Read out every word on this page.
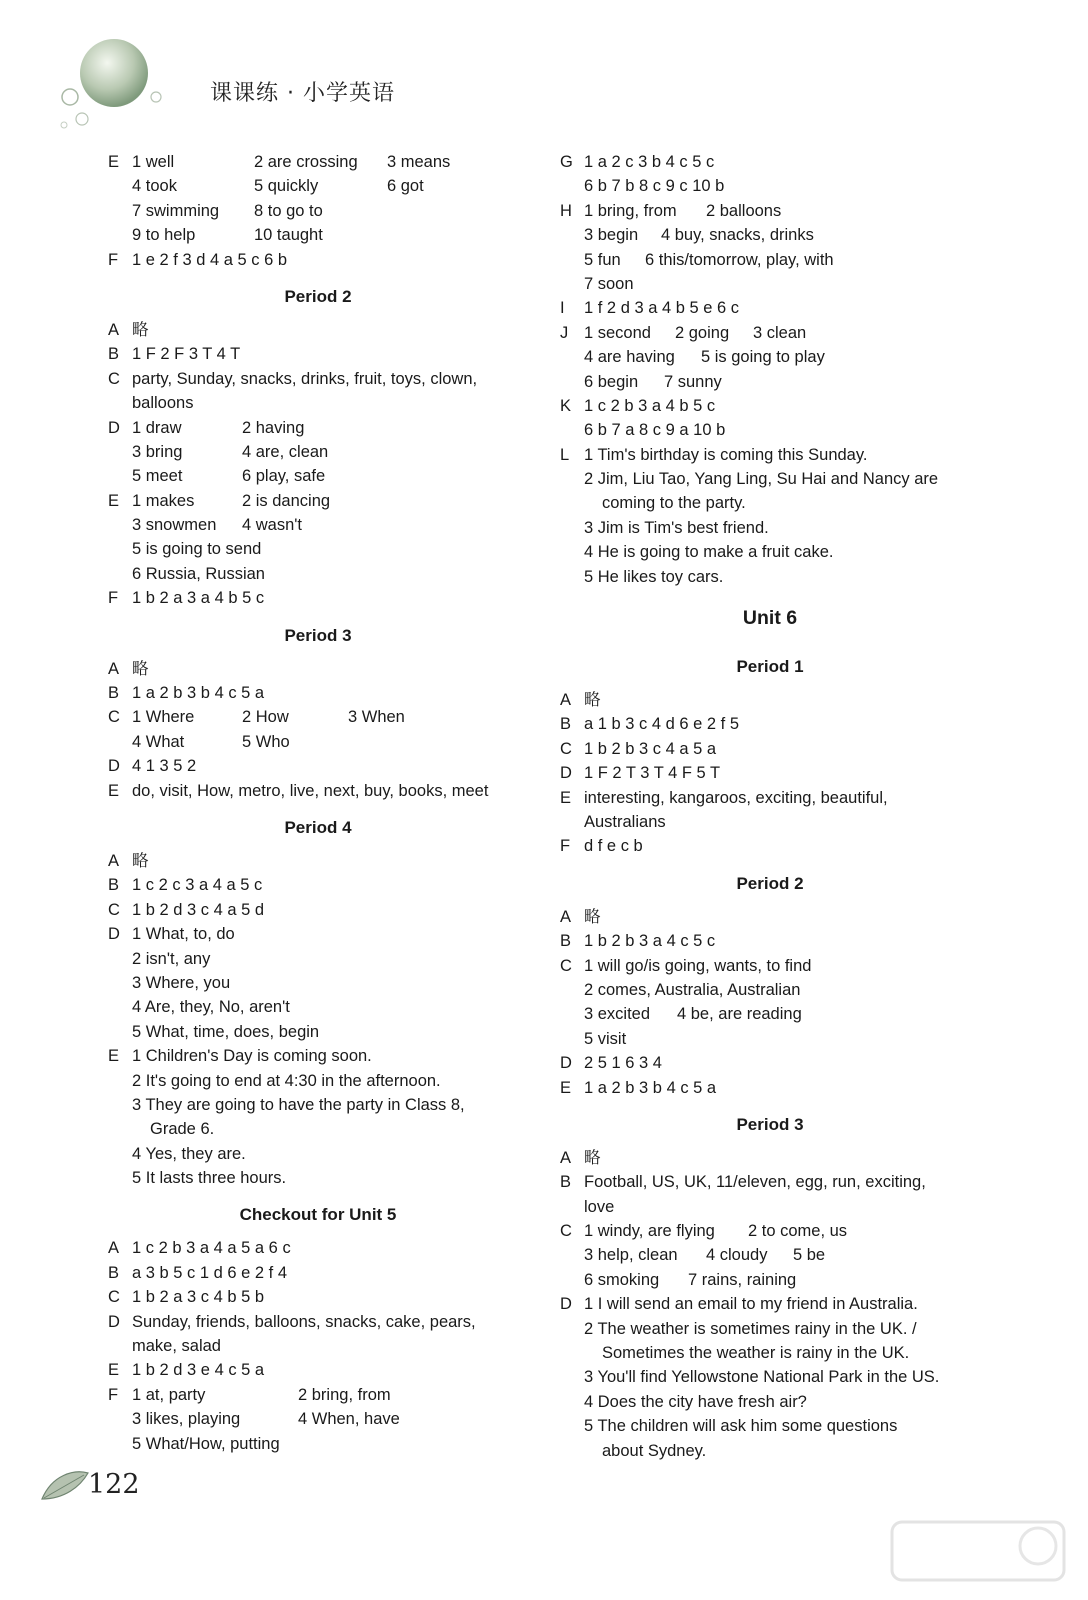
课课练 · 小学英语
E 1 well	2 are crossing 3 means
4 took	5 quickly	6 got
7 swimming 8 to go to
9 to help	10 taught
F 1 e 2 f 3 d 4 a 5 c 6 b
Period 2
A 略
B 1 F 2 F 3 T 4 T
C party, Sunday, snacks, drinks, fruit, toys, clown,
balloons
D 1 draw	2 having
3 bring	4 are, clean
5 meet	6 play, safe
E 1 makes	2 is dancing
3 snowmen 4 wasn't
5 is going to send
6 Russia, Russian
F 1 b 2 a 3 a 4 b 5 c
Period 3
A 略
B 1 a 2 b 3 b 4 c 5 a
C 1 Where	2 How	3 When
4 What	5 Who
D 4 1 3 5 2
E do, visit, How, metro, live, next, buy, books, meet
Period 4
A 略
B 1 c 2 c 3 a 4 a 5 c
C 1 b 2 d 3 c 4 a 5 d
D 1 What, to, do
2 isn't, any
3 Where, you
4 Are, they, No, aren't
5 What, time, does, begin
E 1 Children's Day is coming soon.
2 It's going to end at 4:30 in the afternoon.
3 They are going to have the party in Class 8,
Grade 6.
4 Yes, they are.
5 It lasts three hours.
Checkout for Unit 5
A 1 c 2 b 3 a 4 a 5 a 6 c
B a 3 b 5 c 1 d 6 e 2 f 4
C 1 b 2 a 3 c 4 b 5 b
D Sunday, friends, balloons, snacks, cake, pears,
make, salad
E 1 b 2 d 3 e 4 c 5 a
F 1 at, party	2 bring, from
3 likes, playing	4 When, have
5 What/How, putting
G 1 a 2 c 3 b 4 c 5 c
6 b 7 b 8 c 9 c 10 b
H 1 bring, from 2 balloons
3 begin 4 buy, snacks, drinks
5 fun 6 this/tomorrow, play, with
7 soon
I	1 f 2 d 3 a 4 b 5 e 6 c
J 1 second 2 going 3 clean
4 are having 5 is going to play
6 begin 7 sunny
K 1 c 2 b 3 a 4 b 5 c
6 b 7 a 8 c 9 a 10 b
L 1 Tim's birthday is coming this Sunday.
2 Jim, Liu Tao, Yang Ling, Su Hai and Nancy are
coming to the party.
3 Jim is Tim's best friend.
4 He is going to make a fruit cake.
5 He likes toy cars.
Unit 6
Period 1
A 略
B a 1 b 3 c 4 d 6 e 2 f 5
C 1 b 2 b 3 c 4 a 5 a
D 1 F 2 T 3 T 4 F 5 T
E interesting, kangaroos, exciting, beautiful,
Australians
F d f e c b
Period 2
A 略
B 1 b 2 b 3 a 4 c 5 c
C 1 will go/is going, wants, to find
2 comes, Australia, Australian
3 excited 4 be, are reading
5 visit
D 2 5 1 6 3 4
E 1 a 2 b 3 b 4 c 5 a
Period 3
A 略
B Football, US, UK, 11/eleven, egg, run, exciting,
love
C 1 windy, are flying 2 to come, us
3 help, clean 4 cloudy 5 be
6 smoking 7 rains, raining
D 1 I will send an email to my friend in Australia.
2 The weather is sometimes rainy in the UK. /
Sometimes the weather is rainy in the UK.
3 You'll find Yellowstone National Park in the US.
4 Does the city have fresh air?
5 The children will ask him some questions
about Sydney.
122
